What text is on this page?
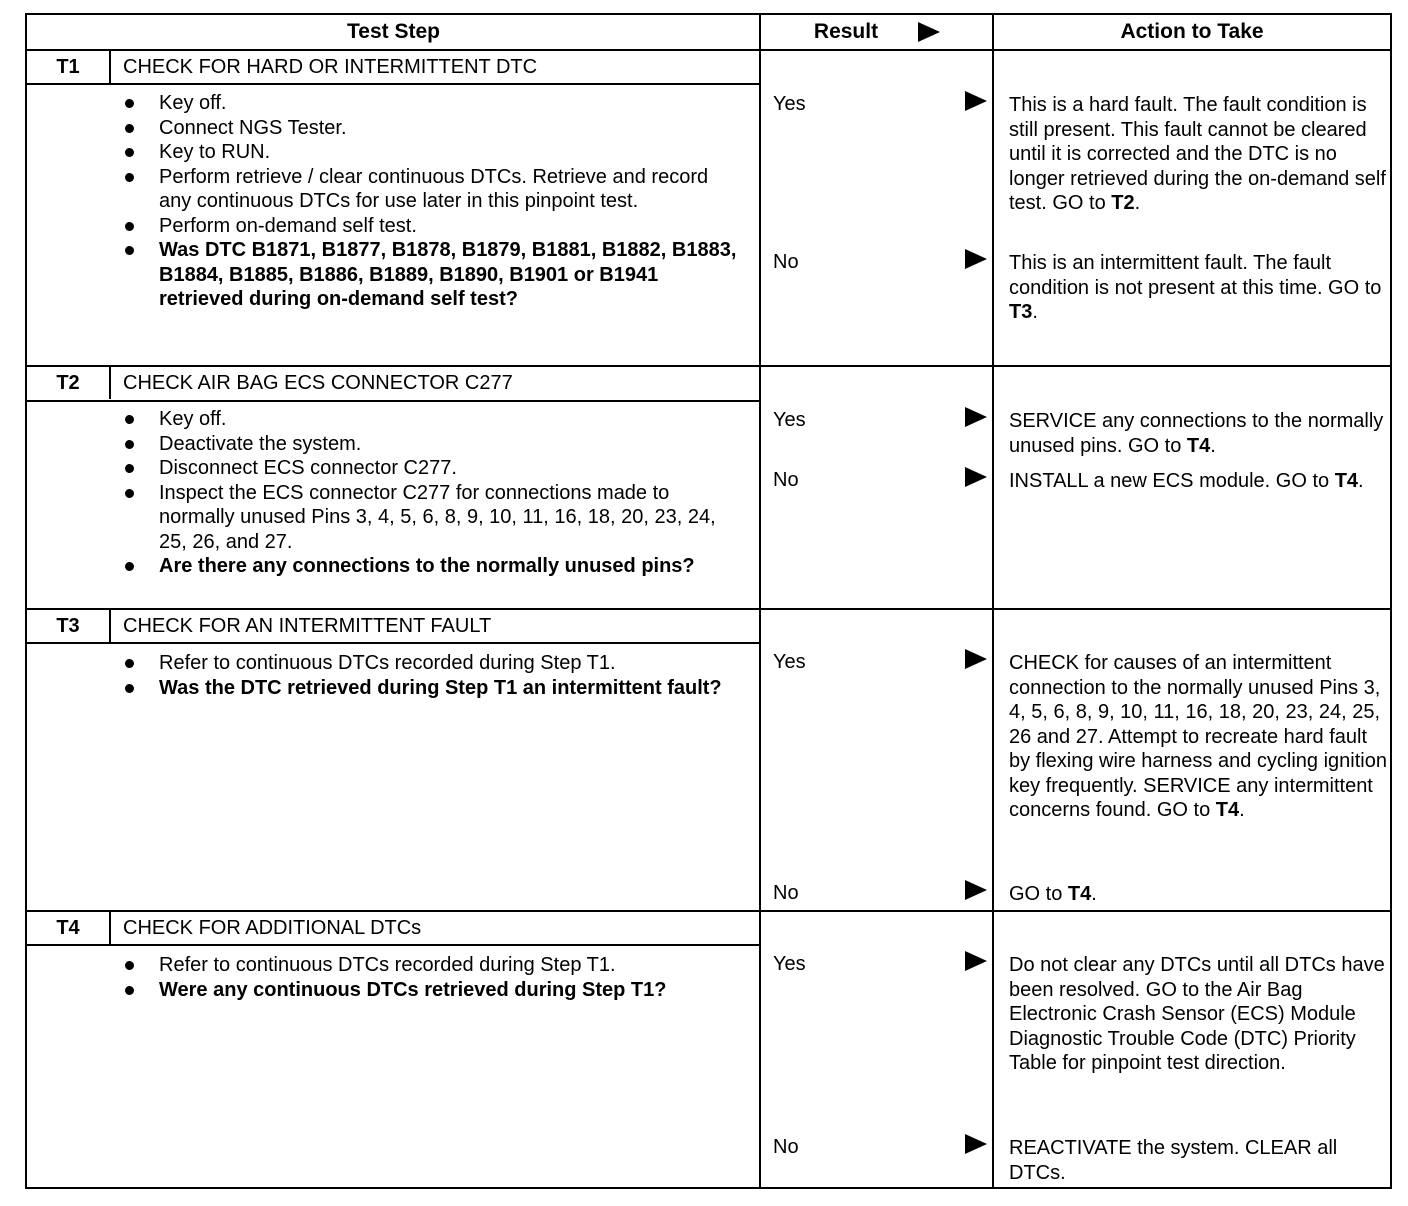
Test Step	Result	Action to Take
T1	CHECK FOR HARD OR INTERMITTENT DTC
Key off.
Connect NGS Tester.
Key to RUN.
Perform retrieve / clear continuous DTCs. Retrieve and record any continuous DTCs for use later in this pinpoint test.
Perform on-demand self test.
Was DTC B1871, B1877, B1878, B1879, B1881, B1882, B1883, B1884, B1885, B1886, B1889, B1890, B1901 or B1941 retrieved during on-demand self test?
Yes	This is a hard fault. The fault condition is still present. This fault cannot be cleared until it is corrected and the DTC is no longer retrieved during the on-demand self test. GO to T2.
No	This is an intermittent fault. The fault condition is not present at this time. GO to T3.
T2	CHECK AIR BAG ECS CONNECTOR C277
Key off.
Deactivate the system.
Disconnect ECS connector C277.
Inspect the ECS connector C277 for connections made to normally unused Pins 3, 4, 5, 6, 8, 9, 10, 11, 16, 18, 20, 23, 24, 25, 26, and 27.
Are there any connections to the normally unused pins?
Yes	SERVICE any connections to the normally unused pins. GO to T4.
No	INSTALL a new ECS module. GO to T4.
T3	CHECK FOR AN INTERMITTENT FAULT
Refer to continuous DTCs recorded during Step T1.
Was the DTC retrieved during Step T1 an intermittent fault?
Yes	CHECK for causes of an intermittent connection to the normally unused Pins 3, 4, 5, 6, 8, 9, 10, 11, 16, 18, 20, 23, 24, 25, 26 and 27. Attempt to recreate hard fault by flexing wire harness and cycling ignition key frequently. SERVICE any intermittent concerns found. GO to T4.
No	GO to T4.
T4	CHECK FOR ADDITIONAL DTCs
Refer to continuous DTCs recorded during Step T1.
Were any continuous DTCs retrieved during Step T1?
Yes	Do not clear any DTCs until all DTCs have been resolved. GO to the Air Bag Electronic Crash Sensor (ECS) Module Diagnostic Trouble Code (DTC) Priority Table for pinpoint test direction.
No	REACTIVATE the system. CLEAR all DTCs.
